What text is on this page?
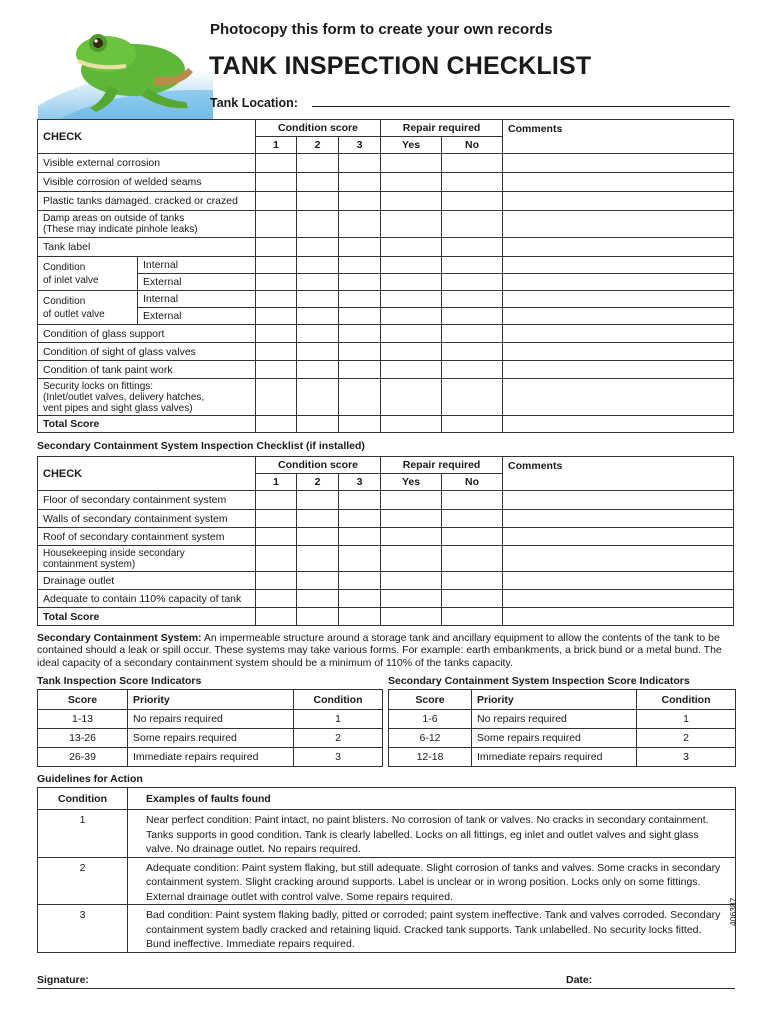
Photocopy this form to create your own records
TANK INSPECTION CHECKLIST
Tank Location:
CHECK		Condition score			Repair required		Comments
		1	2	3	Yes	No	
Visible external corrosion							
Visible corrosion of welded seams							
Plastic tanks damaged. cracked or crazed							

Damp areas on outside of tanks
(These may indicate pinhole leaks)							

Tank label							

Condition
of inlet valve	Internal						
	External						

Condition
of outlet valve	Internal						
	External						
Condition of glass support							
Condition of sight of glass valves							
Condition of tank paint work							

Security locks on fittings:
(Inlet/outlet valves, delivery hatches,
vent pipes and sight glass valves)							

Total Score							
Secondary Containment System Inspection Checklist (if installed)
CHECK	Condition score			Repair required		Comments
	1	2	3	Yes	No	
Floor of secondary containment system						
Walls of secondary containment system						
Roof of secondary containment system						

Housekeeping inside secondary
containment system)						

Drainage outlet						
Adequate to contain 110% capacity of tank						
Total Score						
Secondary Containment System: An impermeable structure around a storage tank and ancillary equipment to allow the contents of the tank to be contained should a leak or spill occur. These systems may take various forms. For example: earth embankments, a brick bund or a metal bund. The ideal capacity of a secondary containment system should be a minimum of 110% of the tanks capacity.
Tank Inspection Score Indicators	Secondary Containment System Inspection Score Indicators
Score	Priority	Condition
1-13	No repairs required	1
13-26	Some repairs required	2
26-39	Immediate repairs required	3
Score	Priority	Condition
1-6	No repairs required	1
6-12	Some repairs required	2
12-18	Immediate repairs required	3
Guidelines for Action
Condition	Examples of faults found
1	Near perfect condition: Paint intact, no paint blisters. No corrosion of tank or valves. No cracks in secondary containment. Tanks supports in good condition. Tank is clearly labelled. Locks on all fittings, eg inlet and outlet valves and sight glass valve. No drainage outlet. No repairs required.
2	Adequate condition: Paint system flaking, but still adequate. Slight corrosion of tanks and valves. Some cracks in secondary containment system. Slight cracking around supports. Label is unclear or in wrong position. Locks only on some fittings. External drainage outlet with control valve. Some repairs required.
3	Bad condition: Paint system flaking badly, pitted or corroded; paint system ineffective. Tank and valves corroded. Secondary containment system badly cracked and retaining liquid. Cracked tank supports. Tank unlabelled. No security locks fitted. Bund ineffective. Immediate repairs required.
406387
Signature:	Date:
